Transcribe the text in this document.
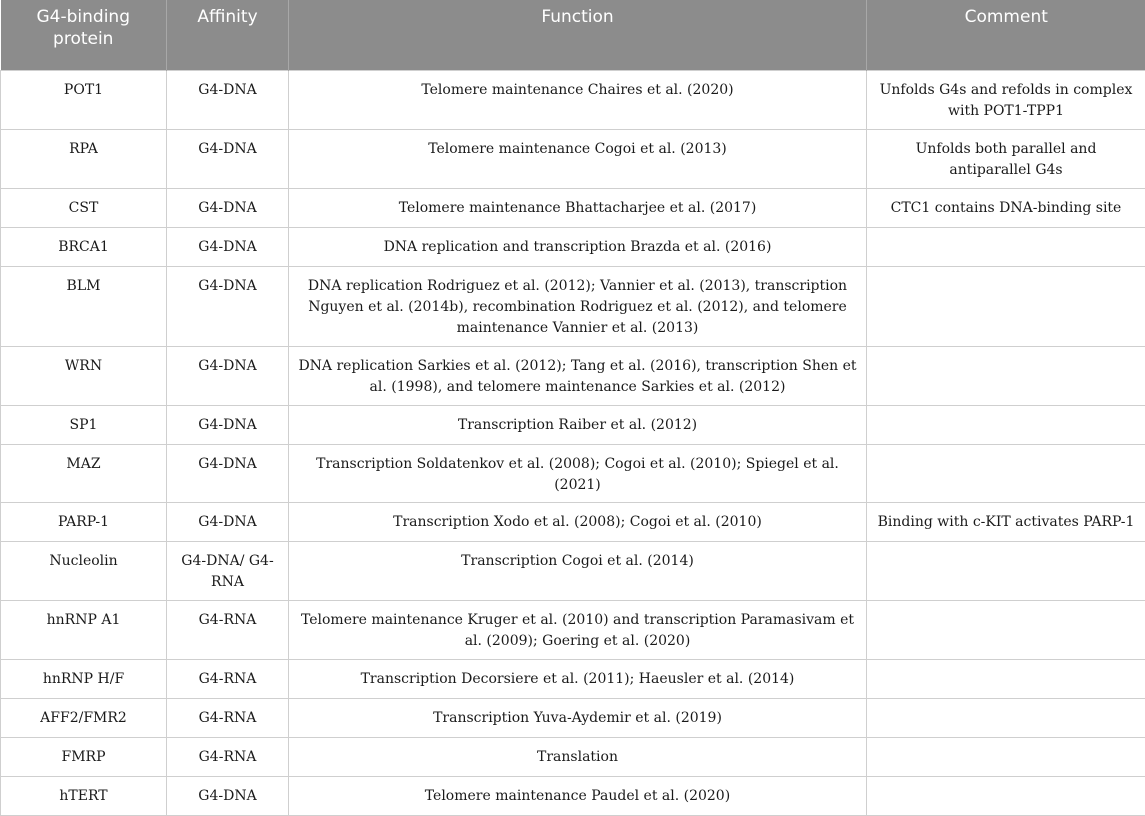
G4-binding protein	Affinity	Function	Comment
POT1	G4-DNA	Telomere maintenance Chaires et al. (2020)	Unfolds G4s and refolds in complex with POT1-TPP1
RPA	G4-DNA	Telomere maintenance Cogoi et al. (2013)	Unfolds both parallel and antiparallel G4s
CST	G4-DNA	Telomere maintenance Bhattacharjee et al. (2017)	CTC1 contains DNA-binding site
BRCA1	G4-DNA	DNA replication and transcription Brazda et al. (2016)	
BLM	G4-DNA	DNA replication Rodriguez et al. (2012); Vannier et al. (2013), transcription Nguyen et al. (2014b), recombination Rodriguez et al. (2012), and telomere maintenance Vannier et al. (2013)	
WRN	G4-DNA	DNA replication Sarkies et al. (2012); Tang et al. (2016), transcription Shen et al. (1998), and telomere maintenance Sarkies et al. (2012)	
SP1	G4-DNA	Transcription Raiber et al. (2012)	
MAZ	G4-DNA	Transcription Soldatenkov et al. (2008); Cogoi et al. (2010); Spiegel et al. (2021)	
PARP-1	G4-DNA	Transcription Xodo et al. (2008); Cogoi et al. (2010)	Binding with c-KIT activates PARP-1
Nucleolin	G4-DNA/ G4-RNA	Transcription Cogoi et al. (2014)	
hnRNP A1	G4-RNA	Telomere maintenance Kruger et al. (2010) and transcription Paramasivam et al. (2009); Goering et al. (2020)	
hnRNP H/F	G4-RNA	Transcription Decorsiere et al. (2011); Haeusler et al. (2014)	
AFF2/FMR2	G4-RNA	Transcription Yuva-Aydemir et al. (2019)	
FMRP	G4-RNA	Translation	
hTERT	G4-DNA	Telomere maintenance Paudel et al. (2020)	
